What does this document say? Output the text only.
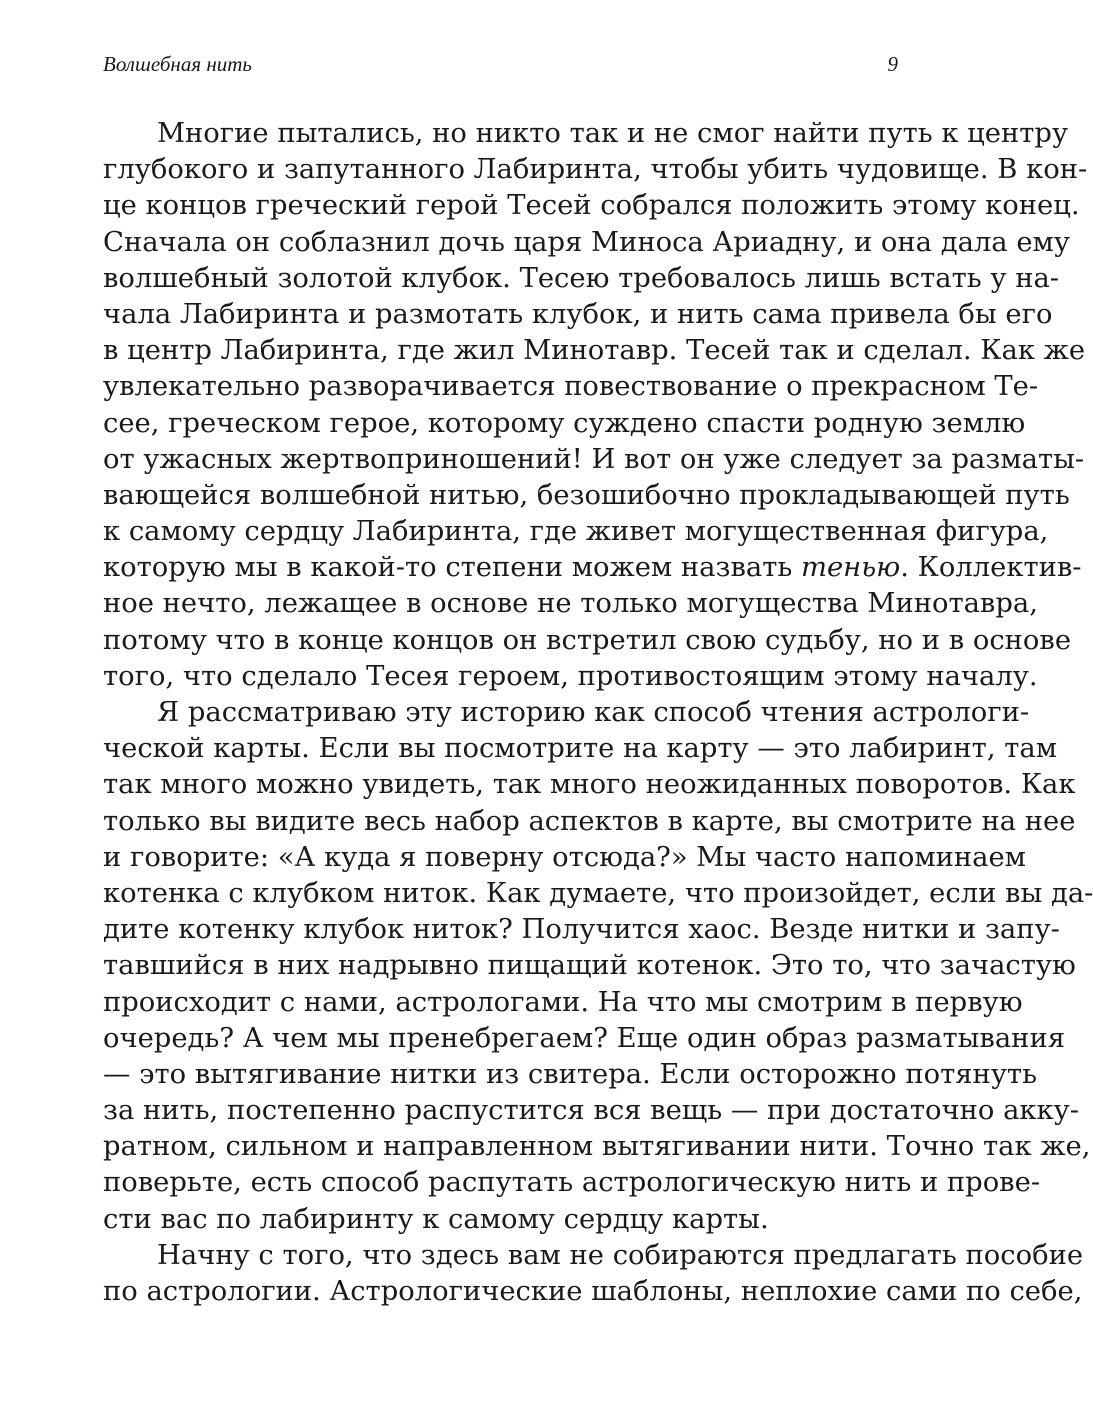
Волшебная нить	9
Многие пытались, но никто так и не смог найти путь к центру
глубокого и запутанного Лабиринта, чтобы убить чудовище. В кон-
це концов греческий герой Тесей собрался положить этому конец.
Сначала он соблазнил дочь царя Миноса Ариадну, и она дала ему
волшебный золотой клубок. Тесею требовалось лишь встать у на-
чала Лабиринта и размотать клубок, и нить сама привела бы его
в центр Лабиринта, где жил Минотавр. Тесей так и сделал. Как же
увлекательно разворачивается повествование о прекрасном Те-
сее, греческом герое, которому суждено спасти родную землю
от ужасных жертвоприношений! И вот он уже следует за разматы-
вающейся волшебной нитью, безошибочно прокладывающей путь
к самому сердцу Лабиринта, где живет могущественная фигура,
которую мы в какой-то степени можем назвать тенью. Коллектив-
ное нечто, лежащее в основе не только могущества Минотавра,
потому что в конце концов он встретил свою судьбу, но и в основе
того, что сделало Тесея героем, противостоящим этому началу.
Я рассматриваю эту историю как способ чтения астрологи-
ческой карты. Если вы посмотрите на карту — это лабиринт, там
так много можно увидеть, так много неожиданных поворотов. Как
только вы видите весь набор аспектов в карте, вы смотрите на нее
и говорите: «А куда я поверну отсюда?» Мы часто напоминаем
котенка с клубком ниток. Как думаете, что произойдет, если вы да-
дите котенку клубок ниток? Получится хаос. Везде нитки и запу-
тавшийся в них надрывно пищащий котенок. Это то, что зачастую
происходит с нами, астрологами. На что мы смотрим в первую
очередь? А чем мы пренебрегаем? Еще один образ разматывания
— это вытягивание нитки из свитера. Если осторожно потянуть
за нить, постепенно распустится вся вещь — при достаточно акку-
ратном, сильном и направленном вытягивании нити. Точно так же,
поверьте, есть способ распутать астрологическую нить и прове-
сти вас по лабиринту к самому сердцу карты.
Начну с того, что здесь вам не собираются предлагать пособие
по астрологии. Астрологические шаблоны, неплохие сами по себе,
